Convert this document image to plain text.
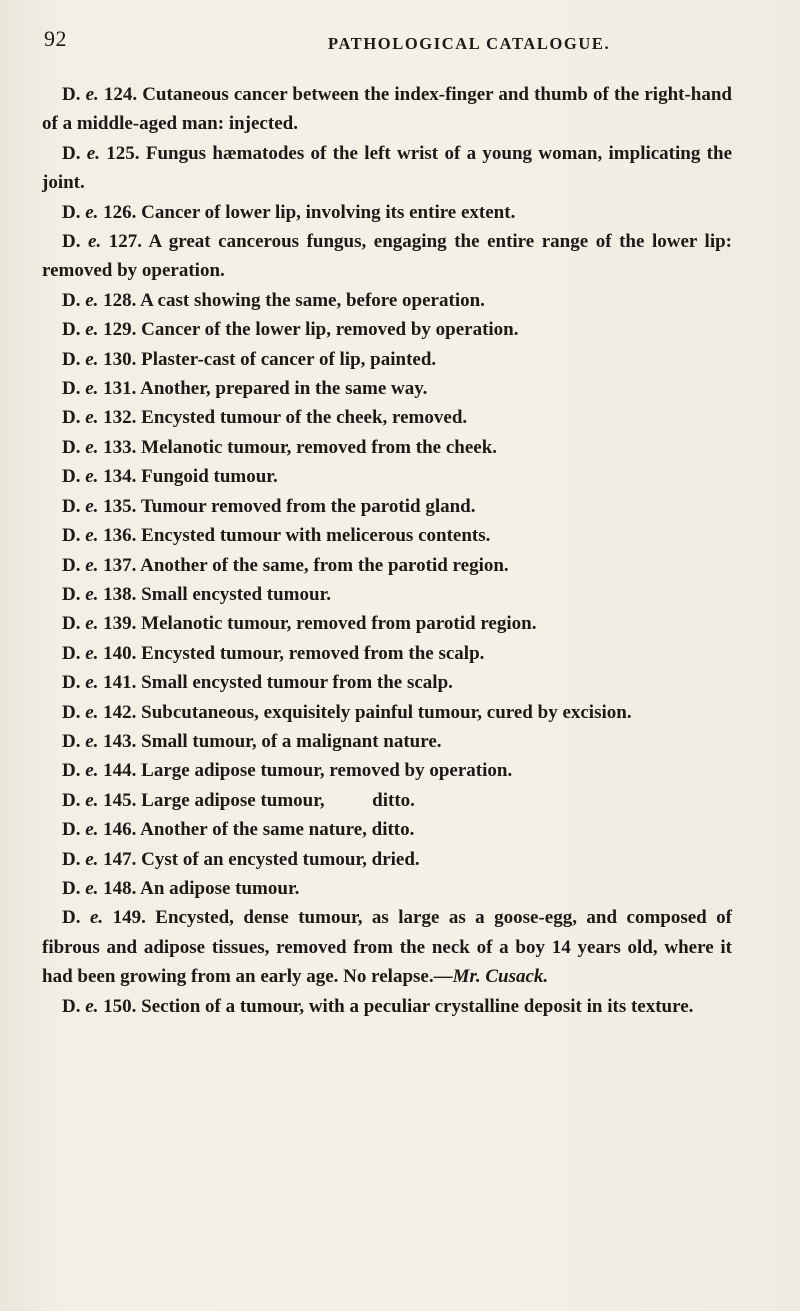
92	PATHOLOGICAL CATALOGUE.

D. e. 124. Cutaneous cancer between the index-finger and thumb of the right-hand of a middle-aged man: injected.

D. e. 125. Fungus hæmatodes of the left wrist of a young woman, implicating the joint.

D. e. 126. Cancer of lower lip, involving its entire extent.

D. e. 127. A great cancerous fungus, engaging the entire range of the lower lip: removed by operation.

D. e. 128. A cast showing the same, before operation.

D. e. 129. Cancer of the lower lip, removed by operation.

D. e. 130. Plaster-cast of cancer of lip, painted.

D. e. 131. Another, prepared in the same way.

D. e. 132. Encysted tumour of the cheek, removed.

D. e. 133. Melanotic tumour, removed from the cheek.

D. e. 134. Fungoid tumour.

D. e. 135. Tumour removed from the parotid gland.

D. e. 136. Encysted tumour with melicerous contents.

D. e. 137. Another of the same, from the parotid region.

D. e. 138. Small encysted tumour.

D. e. 139. Melanotic tumour, removed from parotid region.

D. e. 140. Encysted tumour, removed from the scalp.

D. e. 141. Small encysted tumour from the scalp.

D. e. 142. Subcutaneous, exquisitely painful tumour, cured by excision.

D. e. 143. Small tumour, of a malignant nature.

D. e. 144. Large adipose tumour, removed by operation.

D. e. 145. Large adipose tumour,          ditto.

D. e. 146. Another of the same nature, ditto.

D. e. 147. Cyst of an encysted tumour, dried.

D. e. 148. An adipose tumour.

D. e. 149. Encysted, dense tumour, as large as a goose-egg, and composed of fibrous and adipose tissues, removed from the neck of a boy 14 years old, where it had been growing from an early age. No relapse.—Mr. Cusack.

D. e. 150. Section of a tumour, with a peculiar crystalline deposit in its texture.
